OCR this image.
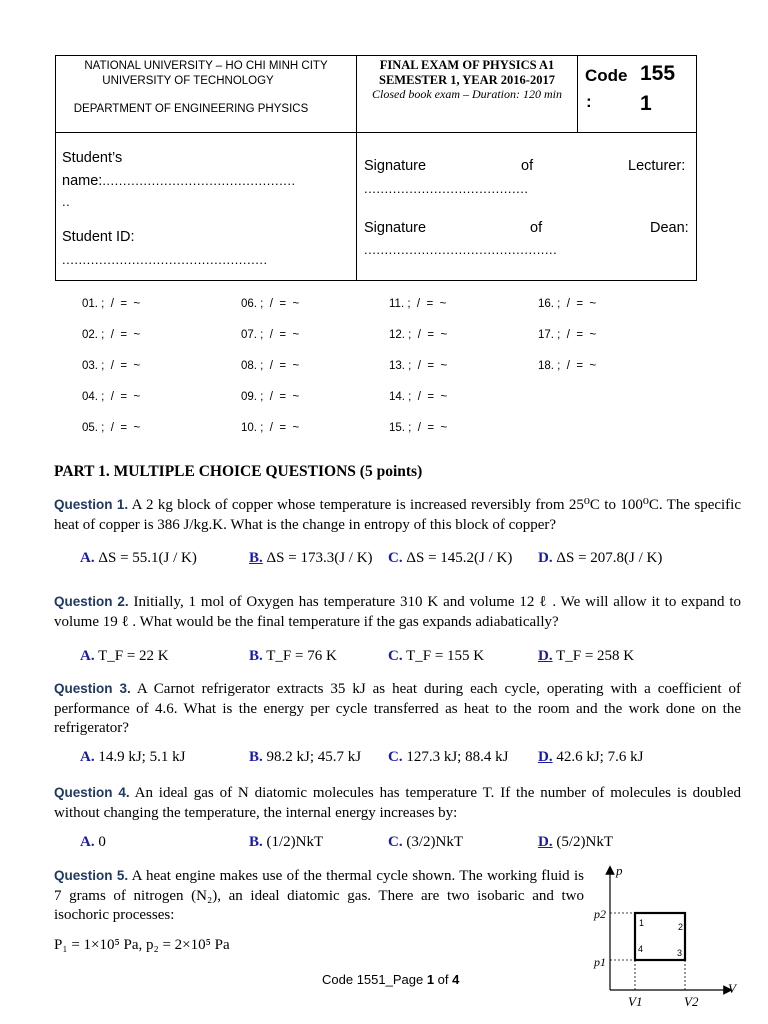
NATIONAL UNIVERSITY – HO CHI MINH CITY
UNIVERSITY OF TECHNOLOGY
DEPARTMENT OF ENGINEERING PHYSICS
FINAL EXAM OF PHYSICS A1
SEMESTER 1, YEAR 2016-2017
Closed book exam – Duration: 120 min
Code
:
155
1
Student’s
name:...............................................
..
Student ID:
..................................................
Signature	of	Lecturer:
........................................
Signature	of	Dean:
...............................................
01. ;  /  =  ~	06. ;  /  =  ~	11. ;  /  =  ~	16. ;  /  =  ~
02. ;  /  =  ~	07. ;  /  =  ~	12. ;  /  =  ~	17. ;  /  =  ~
03. ;  /  =  ~	08. ;  /  =  ~	13. ;  /  =  ~	18. ;  /  =  ~
04. ;  /  =  ~	09. ;  /  =  ~	14. ;  /  =  ~
05. ;  /  =  ~	10. ;  /  =  ~	15. ;  /  =  ~
PART 1. MULTIPLE CHOICE QUESTIONS (5 points)
Question 1. A 2 kg block of copper whose temperature is increased reversibly from 25⁰C to 100⁰C. The specific heat of copper is 386 J/kg.K. What is the change in entropy of this block of copper?
A. ΔS = 55.1(J / K)	B. ΔS = 173.3(J / K) C. ΔS = 145.2(J / K) D. ΔS = 207.8(J / K)
Question 2. Initially, 1 mol of Oxygen has temperature 310 K and volume 12 ℓ . We will allow it to expand to volume 19 ℓ . What would be the final temperature if the gas expands adiabatically?
A. T_F = 22 K	B. T_F = 76 K	C. T_F = 155 K	D. T_F = 258 K
Question 3. A Carnot refrigerator extracts 35 kJ as heat during each cycle, operating with a coefficient of performance of 4.6. What is the energy per cycle transferred as heat to the room and the work done on the refrigerator?
A. 14.9 kJ; 5.1 kJ	B. 98.2 kJ; 45.7 kJ C. 127.3 kJ; 88.4 kJ D. 42.6 kJ; 7.6 kJ
Question 4. An ideal gas of N diatomic molecules has temperature T. If the number of molecules is doubled without changing the temperature, the internal energy increases by:
A. 0	B. (1/2)NkT	C. (3/2)NkT	D. (5/2)NkT
Question 5. A heat engine makes use of the thermal cycle shown. The working fluid is 7 grams of nitrogen (N₂), an ideal diatomic gas. There are two isobaric and two isochoric processes:
P₁ = 1×10⁵ Pa, p₂ = 2×10⁵ Pa
p
V
p2
p1
V1	V2
1	2
3
4
Code 1551_Page 1 of 4
